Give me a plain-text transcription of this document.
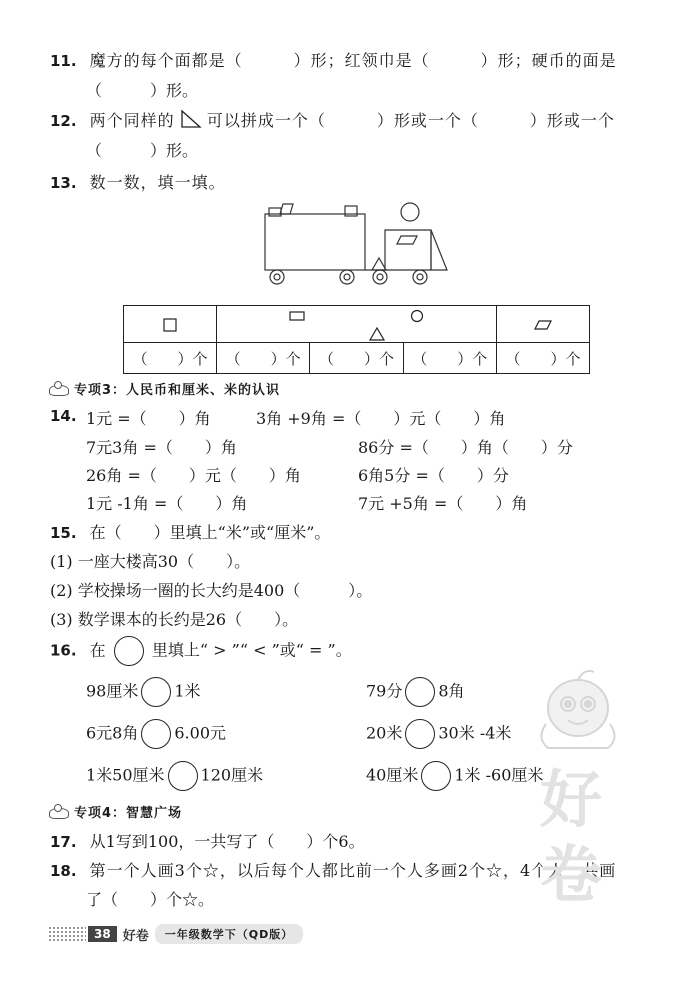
11. 魔方的每个面都是（　　　）形；红领巾是（　　　）形；硬币的面是
（　　　）形。
12. 两个同样的 可以拼成一个（　　　）形或一个（　　　）形或一个
（　　　）形。
13. 数一数，填一填。

（　　）个	（　　）个	（　　）个	（　　）个	（　　）个
专项3：人民币和厘米、米的认识
14. 1元 =（　　）角	3角 +9角 =（　　）元（　　）角
7元3角 =（　　）角	86分 =（　　）角（　　）分
26角 =（　　）元（　　）角	6角5分 =（　　）分
1元 -1角 =（　　）角	7元 +5角 =（　　）角
15. 在（　　）里填上“米”或“厘米”。
(1) 一座大楼高30（　　）。
(2) 学校操场一圈的长大约是400（　　　）。
(3) 数学课本的长约是26（　　）。
16. 在	里填上“ > ”“ < ”或“ = ”。
98厘米 1米	79分 8角
6元8角 6.00元	20米 30米 -4米
1米50厘米 120厘米	40厘米 1米 -60厘米
专项4：智慧广场
17. 从1写到100，一共写了（　　）个6。
18. 第一个人画3个☆，以后每个人都比前一个人多画2个☆，4个人一共画
了（　　）个☆。
好
卷
38 好卷	一年级数学下（QD版）
